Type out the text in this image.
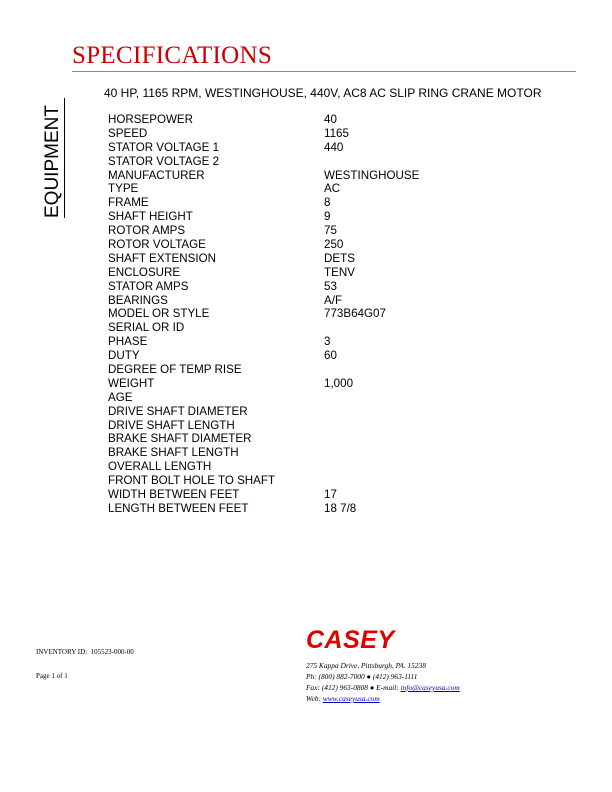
SPECIFICATIONS
EQUIPMENT
40 HP, 1165 RPM, WESTINGHOUSE, 440V, AC8 AC SLIP RING CRANE MOTOR
HORSEPOWER	40
SPEED	1165
STATOR VOLTAGE 1	440
STATOR VOLTAGE 2
MANUFACTURER	WESTINGHOUSE
TYPE	AC
FRAME	8
SHAFT HEIGHT	9
ROTOR AMPS	75
ROTOR VOLTAGE	250
SHAFT EXTENSION	DETS
ENCLOSURE	TENV
STATOR AMPS	53
BEARINGS	A/F
MODEL OR STYLE	773B64G07
SERIAL OR ID
PHASE	3
DUTY	60
DEGREE OF TEMP RISE
WEIGHT	1,000
AGE
DRIVE SHAFT DIAMETER
DRIVE SHAFT LENGTH
BRAKE SHAFT DIAMETER
BRAKE SHAFT LENGTH
OVERALL LENGTH
FRONT BOLT HOLE TO SHAFT
WIDTH BETWEEN FEET	17
LENGTH BETWEEN FEET	18 7/8
INVENTORY ID: 105523-000-00
Page 1 of 1
CASEY
275 Kappa Drive, Pittsburgh, PA. 15238
Ph: (800) 882-7000 ● (412) 963-1111
Fax: (412) 963-0808 ● E-mail: info@caseyusa.com
Web: www.caseyusa.com
